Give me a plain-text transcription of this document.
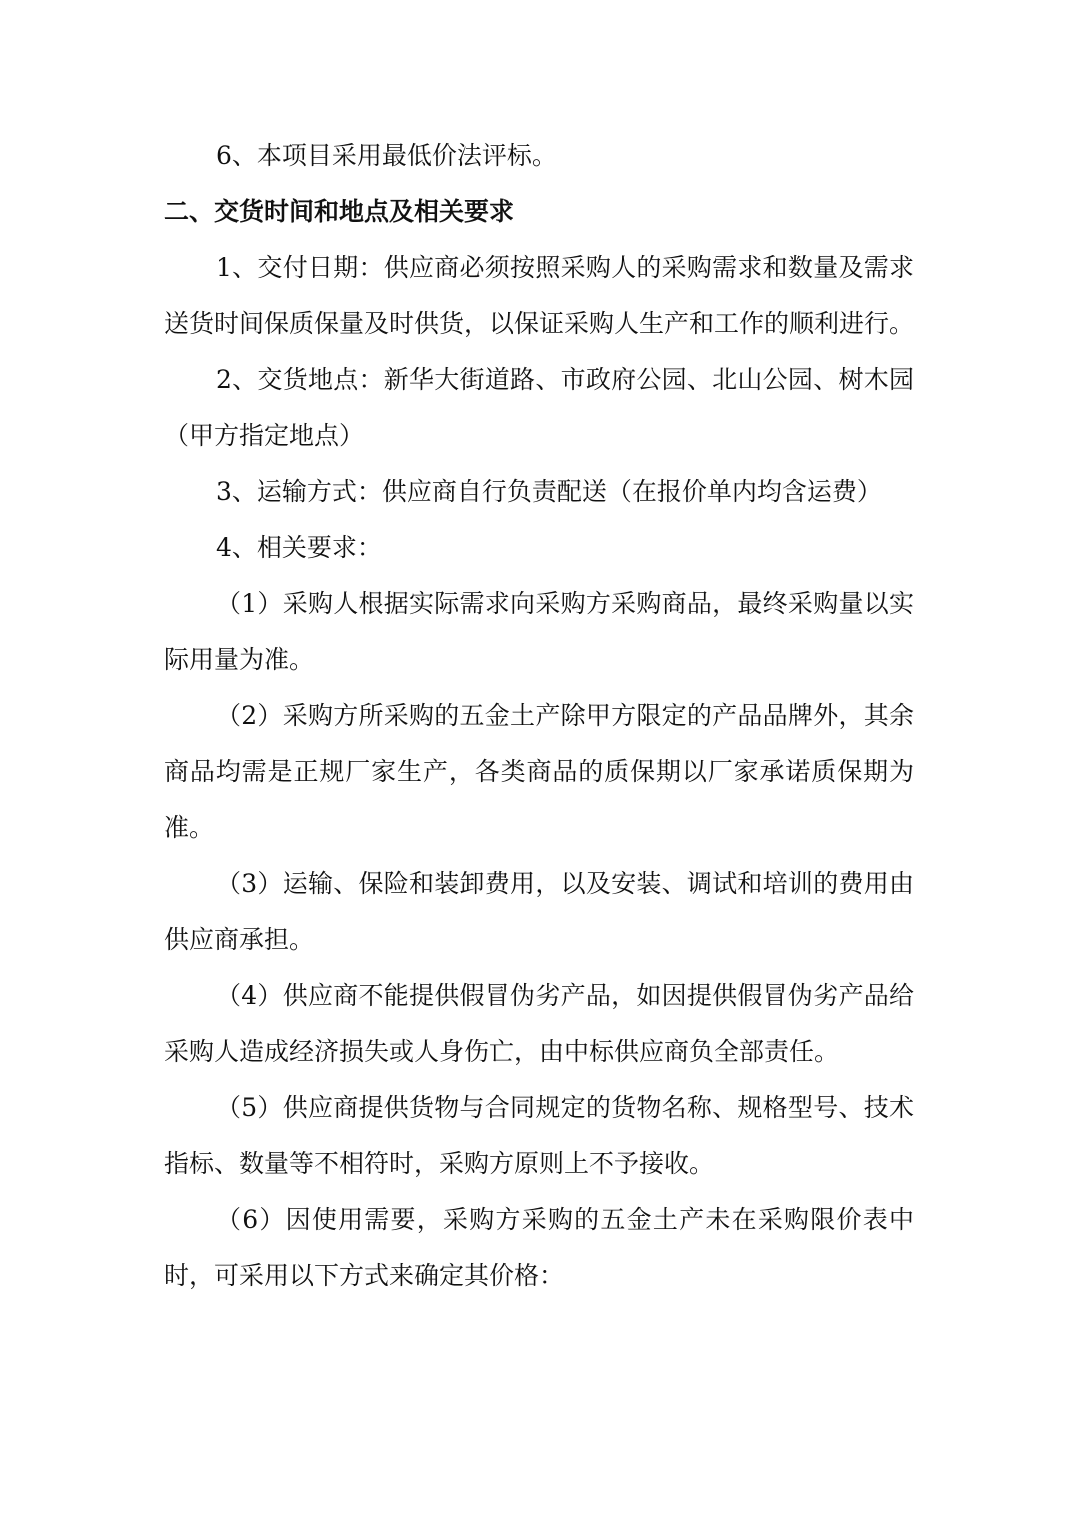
6、本项目采用最低价法评标。

二、交货时间和地点及相关要求

1、交付日期：供应商必须按照采购人的采购需求和数量及需求送货时间保质保量及时供货，以保证采购人生产和工作的顺利进行。

2、交货地点：新华大街道路、市政府公园、北山公园、树木园（甲方指定地点）

3、运输方式：供应商自行负责配送（在报价单内均含运费）

4、相关要求：

（1）采购人根据实际需求向采购方采购商品，最终采购量以实际用量为准。

（2）采购方所采购的五金土产除甲方限定的产品品牌外，其余商品均需是正规厂家生产，各类商品的质保期以厂家承诺质保期为准。

（3）运输、保险和装卸费用，以及安装、调试和培训的费用由供应商承担。

（4）供应商不能提供假冒伪劣产品，如因提供假冒伪劣产品给采购人造成经济损失或人身伤亡，由中标供应商负全部责任。

（5）供应商提供货物与合同规定的货物名称、规格型号、技术指标、数量等不相符时，采购方原则上不予接收。

（6）因使用需要，采购方采购的五金土产未在采购限价表中时，可采用以下方式来确定其价格：
